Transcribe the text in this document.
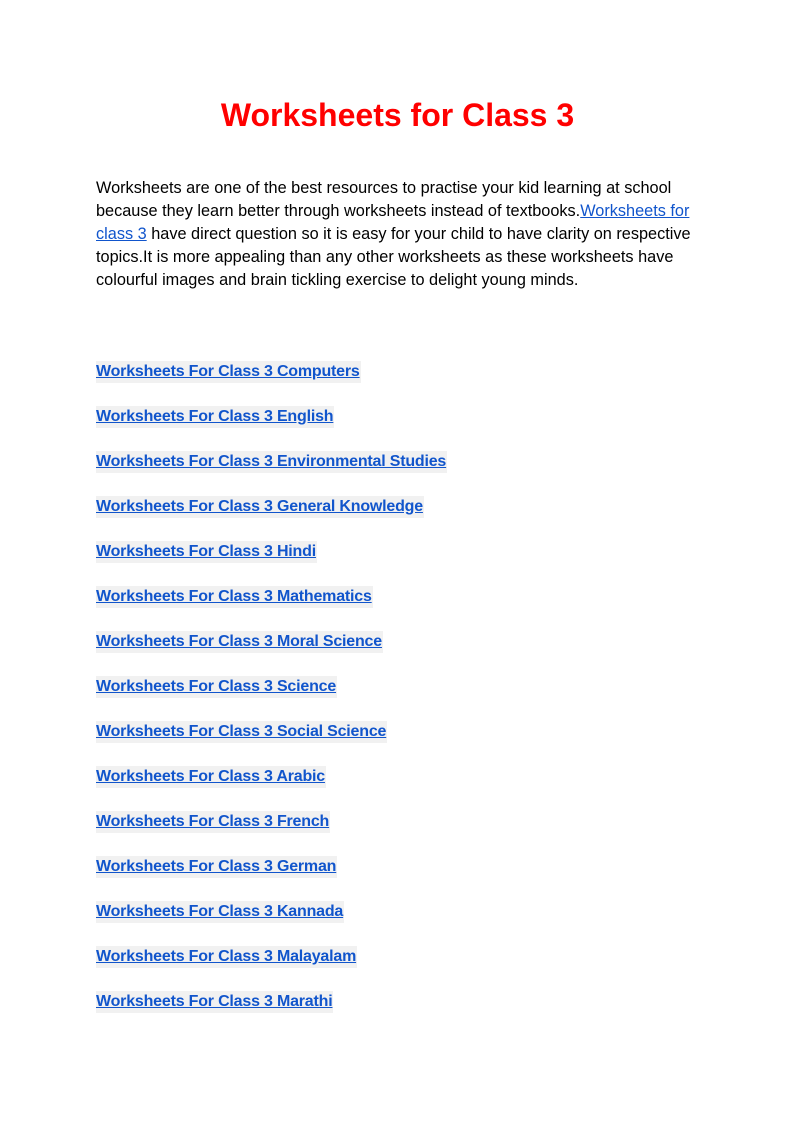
Worksheets for Class 3

Worksheets are one of the best resources to practise your kid learning at school because they learn better through worksheets instead of textbooks.Worksheets for class 3 have direct question so it is easy for your child to have clarity on respective topics.It is more appealing than any other worksheets as these worksheets have colourful images and brain tickling exercise to delight young minds.

Worksheets For Class 3 Computers
Worksheets For Class 3 English
Worksheets For Class 3 Environmental Studies
Worksheets For Class 3 General Knowledge
Worksheets For Class 3 Hindi
Worksheets For Class 3 Mathematics
Worksheets For Class 3 Moral Science
Worksheets For Class 3 Science
Worksheets For Class 3 Social Science
Worksheets For Class 3 Arabic
Worksheets For Class 3 French
Worksheets For Class 3 German
Worksheets For Class 3 Kannada
Worksheets For Class 3 Malayalam
Worksheets For Class 3 Marathi
